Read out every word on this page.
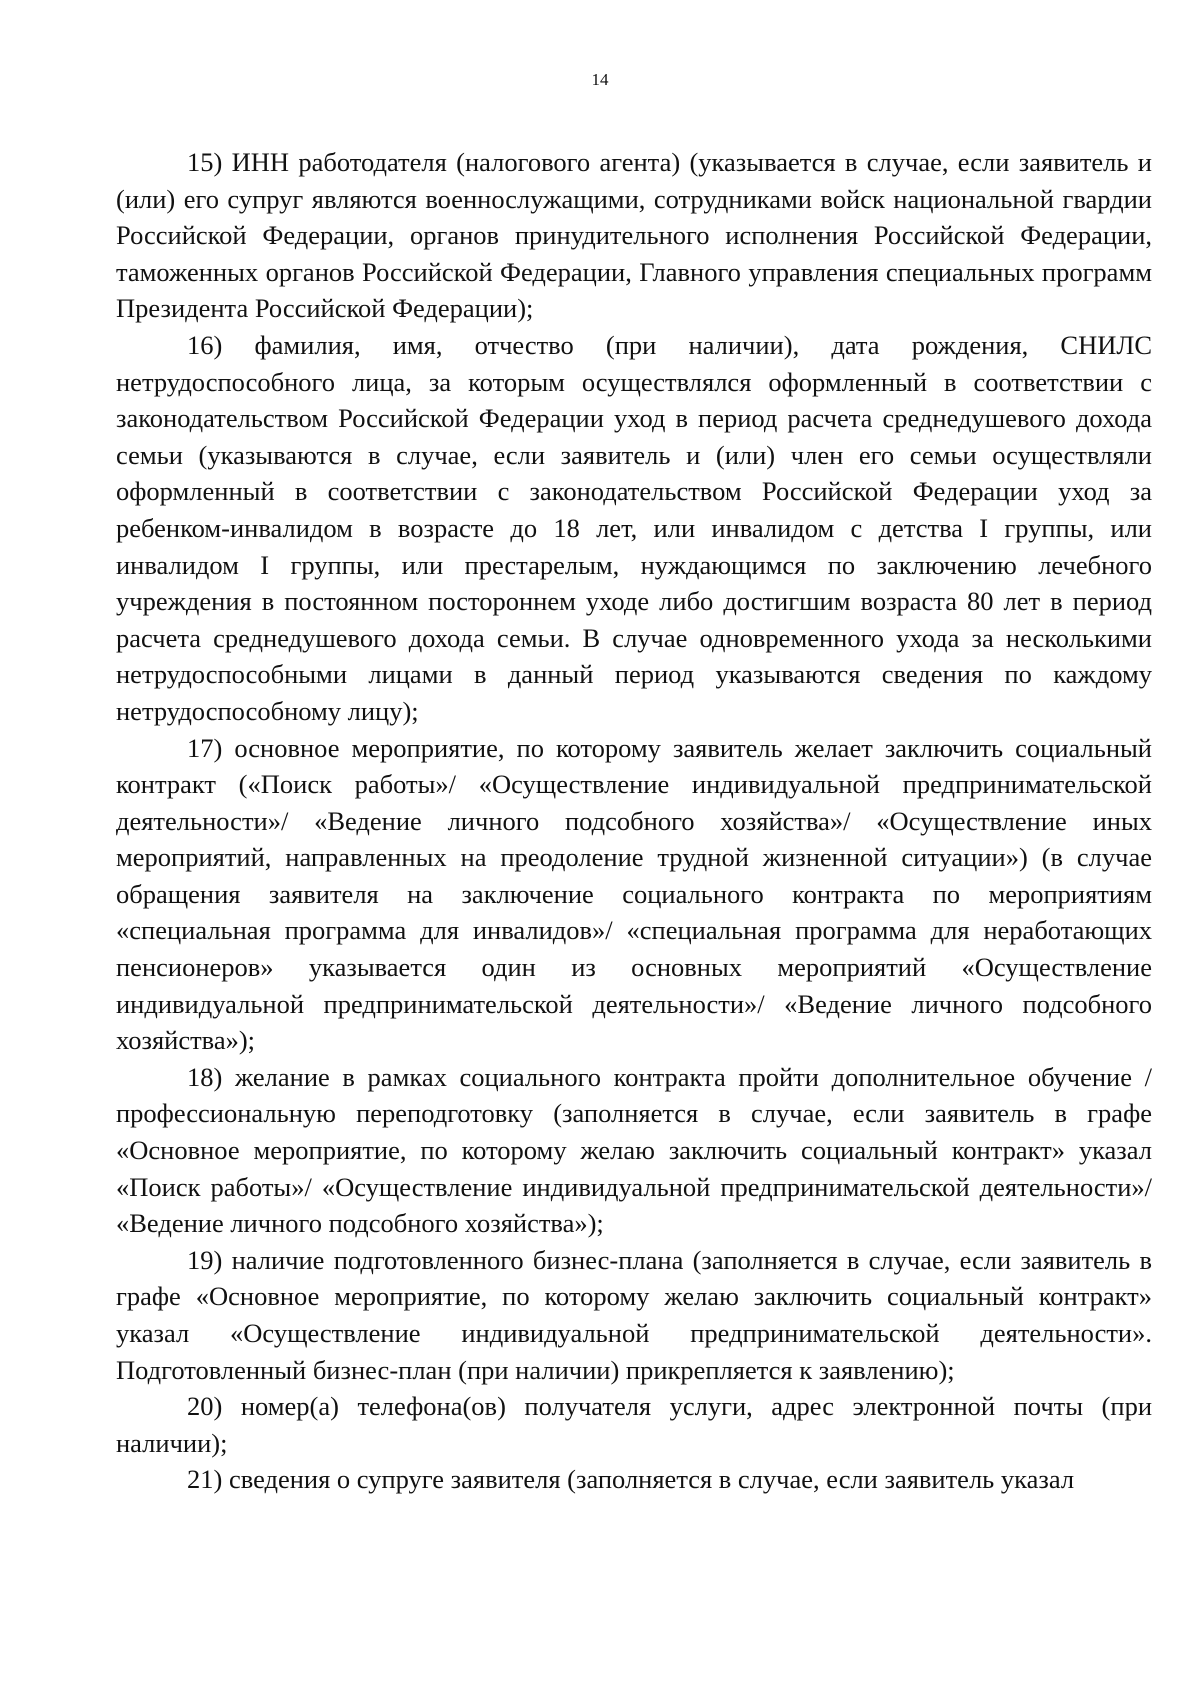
14

15) ИНН работодателя (налогового агента) (указывается в случае, если заявитель и (или) его супруг являются военнослужащими, сотрудниками войск национальной гвардии Российской Федерации, органов принудительного исполнения Российской Федерации, таможенных органов Российской Федерации, Главного управления специальных программ Президента Российской Федерации);

16) фамилия, имя, отчество (при наличии), дата рождения, СНИЛС нетрудоспособного лица, за которым осуществлялся оформленный в соответствии с законодательством Российской Федерации уход в период расчета среднедушевого дохода семьи (указываются в случае, если заявитель и (или) член его семьи осуществляли оформленный в соответствии с законодательством Российской Федерации уход за ребенком-инвалидом в возрасте до 18 лет, или инвалидом с детства I группы, или инвалидом I группы, или престарелым, нуждающимся по заключению лечебного учреждения в постоянном постороннем уходе либо достигшим возраста 80 лет в период расчета среднедушевого дохода семьи. В случае одновременного ухода за несколькими нетрудоспособными лицами в данный период указываются сведения по каждому нетрудоспособному лицу);

17) основное мероприятие, по которому заявитель желает заключить социальный контракт («Поиск работы»/ «Осуществление индивидуальной предпринимательской деятельности»/ «Ведение личного подсобного хозяйства»/ «Осуществление иных мероприятий, направленных на преодоление трудной жизненной ситуации») (в случае обращения заявителя на заключение социального контракта по мероприятиям «специальная программа для инвалидов»/ «специальная программа для неработающих пенсионеров» указывается один из основных мероприятий «Осуществление индивидуальной предпринимательской деятельности»/ «Ведение личного подсобного хозяйства»);

18) желание в рамках социального контракта пройти дополнительное обучение / профессиональную переподготовку (заполняется в случае, если заявитель в графе «Основное мероприятие, по которому желаю заключить социальный контракт» указал «Поиск работы»/ «Осуществление индивидуальной предпринимательской деятельности»/ «Ведение личного подсобного хозяйства»);

19) наличие подготовленного бизнес-плана (заполняется в случае, если заявитель в графе «Основное мероприятие, по которому желаю заключить социальный контракт» указал «Осуществление индивидуальной предпринимательской деятельности». Подготовленный бизнес-план (при наличии) прикрепляется к заявлению);

20) номер(а) телефона(ов) получателя услуги, адрес электронной почты (при наличии);

21) сведения о супруге заявителя (заполняется в случае, если заявитель указал
